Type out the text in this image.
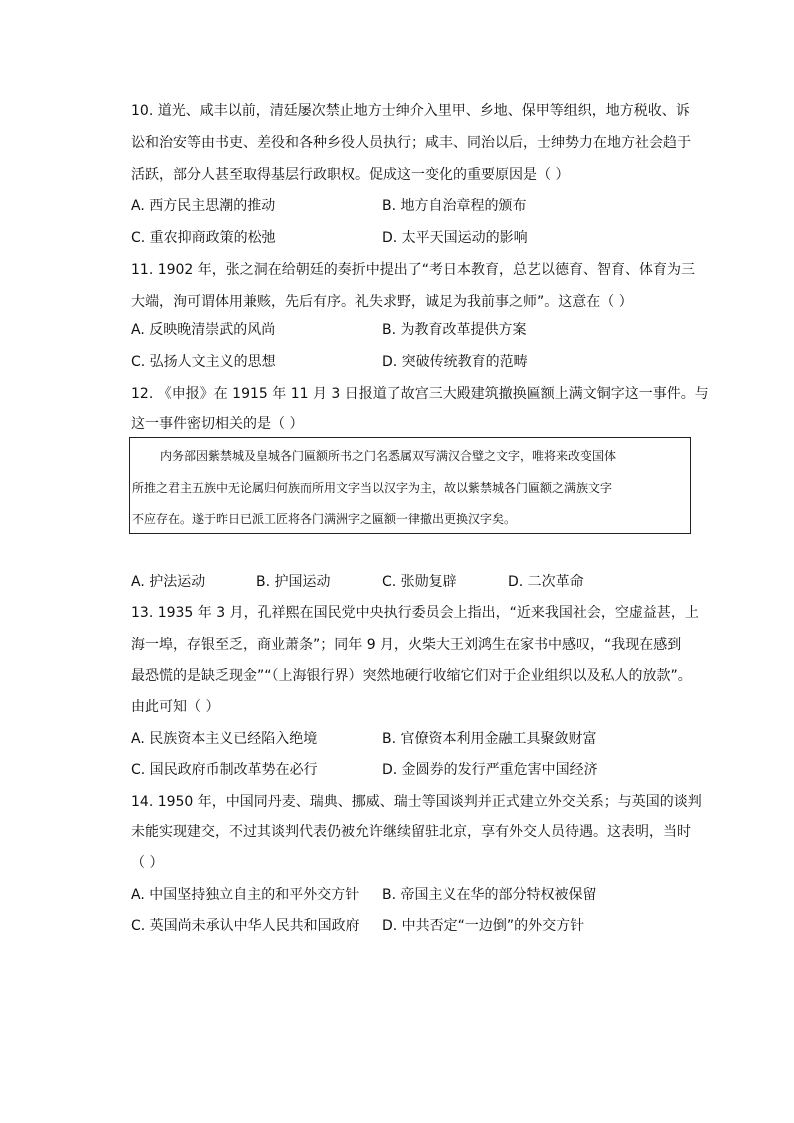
10. 道光、咸丰以前，清廷屡次禁止地方士绅介入里甲、乡地、保甲等组织，地方税收、诉
讼和治安等由书吏、差役和各种乡役人员执行；咸丰、同治以后，士绅势力在地方社会趋于
活跃，部分人甚至取得基层行政职权。促成这一变化的重要原因是（ ）
A. 西方民主思潮的推动	B. 地方自治章程的颁布
C. 重农抑商政策的松弛	D. 太平天国运动的影响
11. 1902 年，张之洞在给朝廷的奏折中提出了“考日本教育，总艺以德育、智育、体育为三
大端，洵可谓体用兼赅，先后有序。礼失求野，诚足为我前事之师”。这意在（ ）
A. 反映晚清崇武的风尚	B. 为教育改革提供方案
C. 弘扬人文主义的思想	D. 突破传统教育的范畴
12. 《申报》在 1915 年 11 月 3 日报道了故宫三大殿建筑撤换匾额上满文铜字这一事件。与
这一事件密切相关的是（ ）
内务部因紫禁城及皇城各门匾额所书之门名悉属双写满汉合璧之文字，唯将来改变国体
所推之君主五族中无论属归何族而所用文字当以汉字为主，故以紫禁城各门匾额之满族文字
不应存在。遂于昨日已派工匠将各门满洲字之匾额一律撤出更换汉字矣。
A. 护法运动	B. 护国运动	C. 张勋复辟	D. 二次革命
13. 1935 年 3 月，孔祥熙在国民党中央执行委员会上指出，“近来我国社会，空虚益甚，上
海一埠，存银至乏，商业萧条”；同年 9 月，火柴大王刘鸿生在家书中感叹，“我现在感到
最恐慌的是缺乏现金”“（上海银行界）突然地硬行收缩它们对于企业组织以及私人的放款”。
由此可知（ ）
A. 民族资本主义已经陷入绝境	B. 官僚资本利用金融工具聚敛财富
C. 国民政府币制改革势在必行	D. 金圆券的发行严重危害中国经济
14. 1950 年，中国同丹麦、瑞典、挪威、瑞士等国谈判并正式建立外交关系；与英国的谈判
未能实现建交，不过其谈判代表仍被允许继续留驻北京，享有外交人员待遇。这表明，当时
（ ）
A. 中国坚持独立自主的和平外交方针 B. 帝国主义在华的部分特权被保留
C. 英国尚未承认中华人民共和国政府 D. 中共否定“一边倒”的外交方针
